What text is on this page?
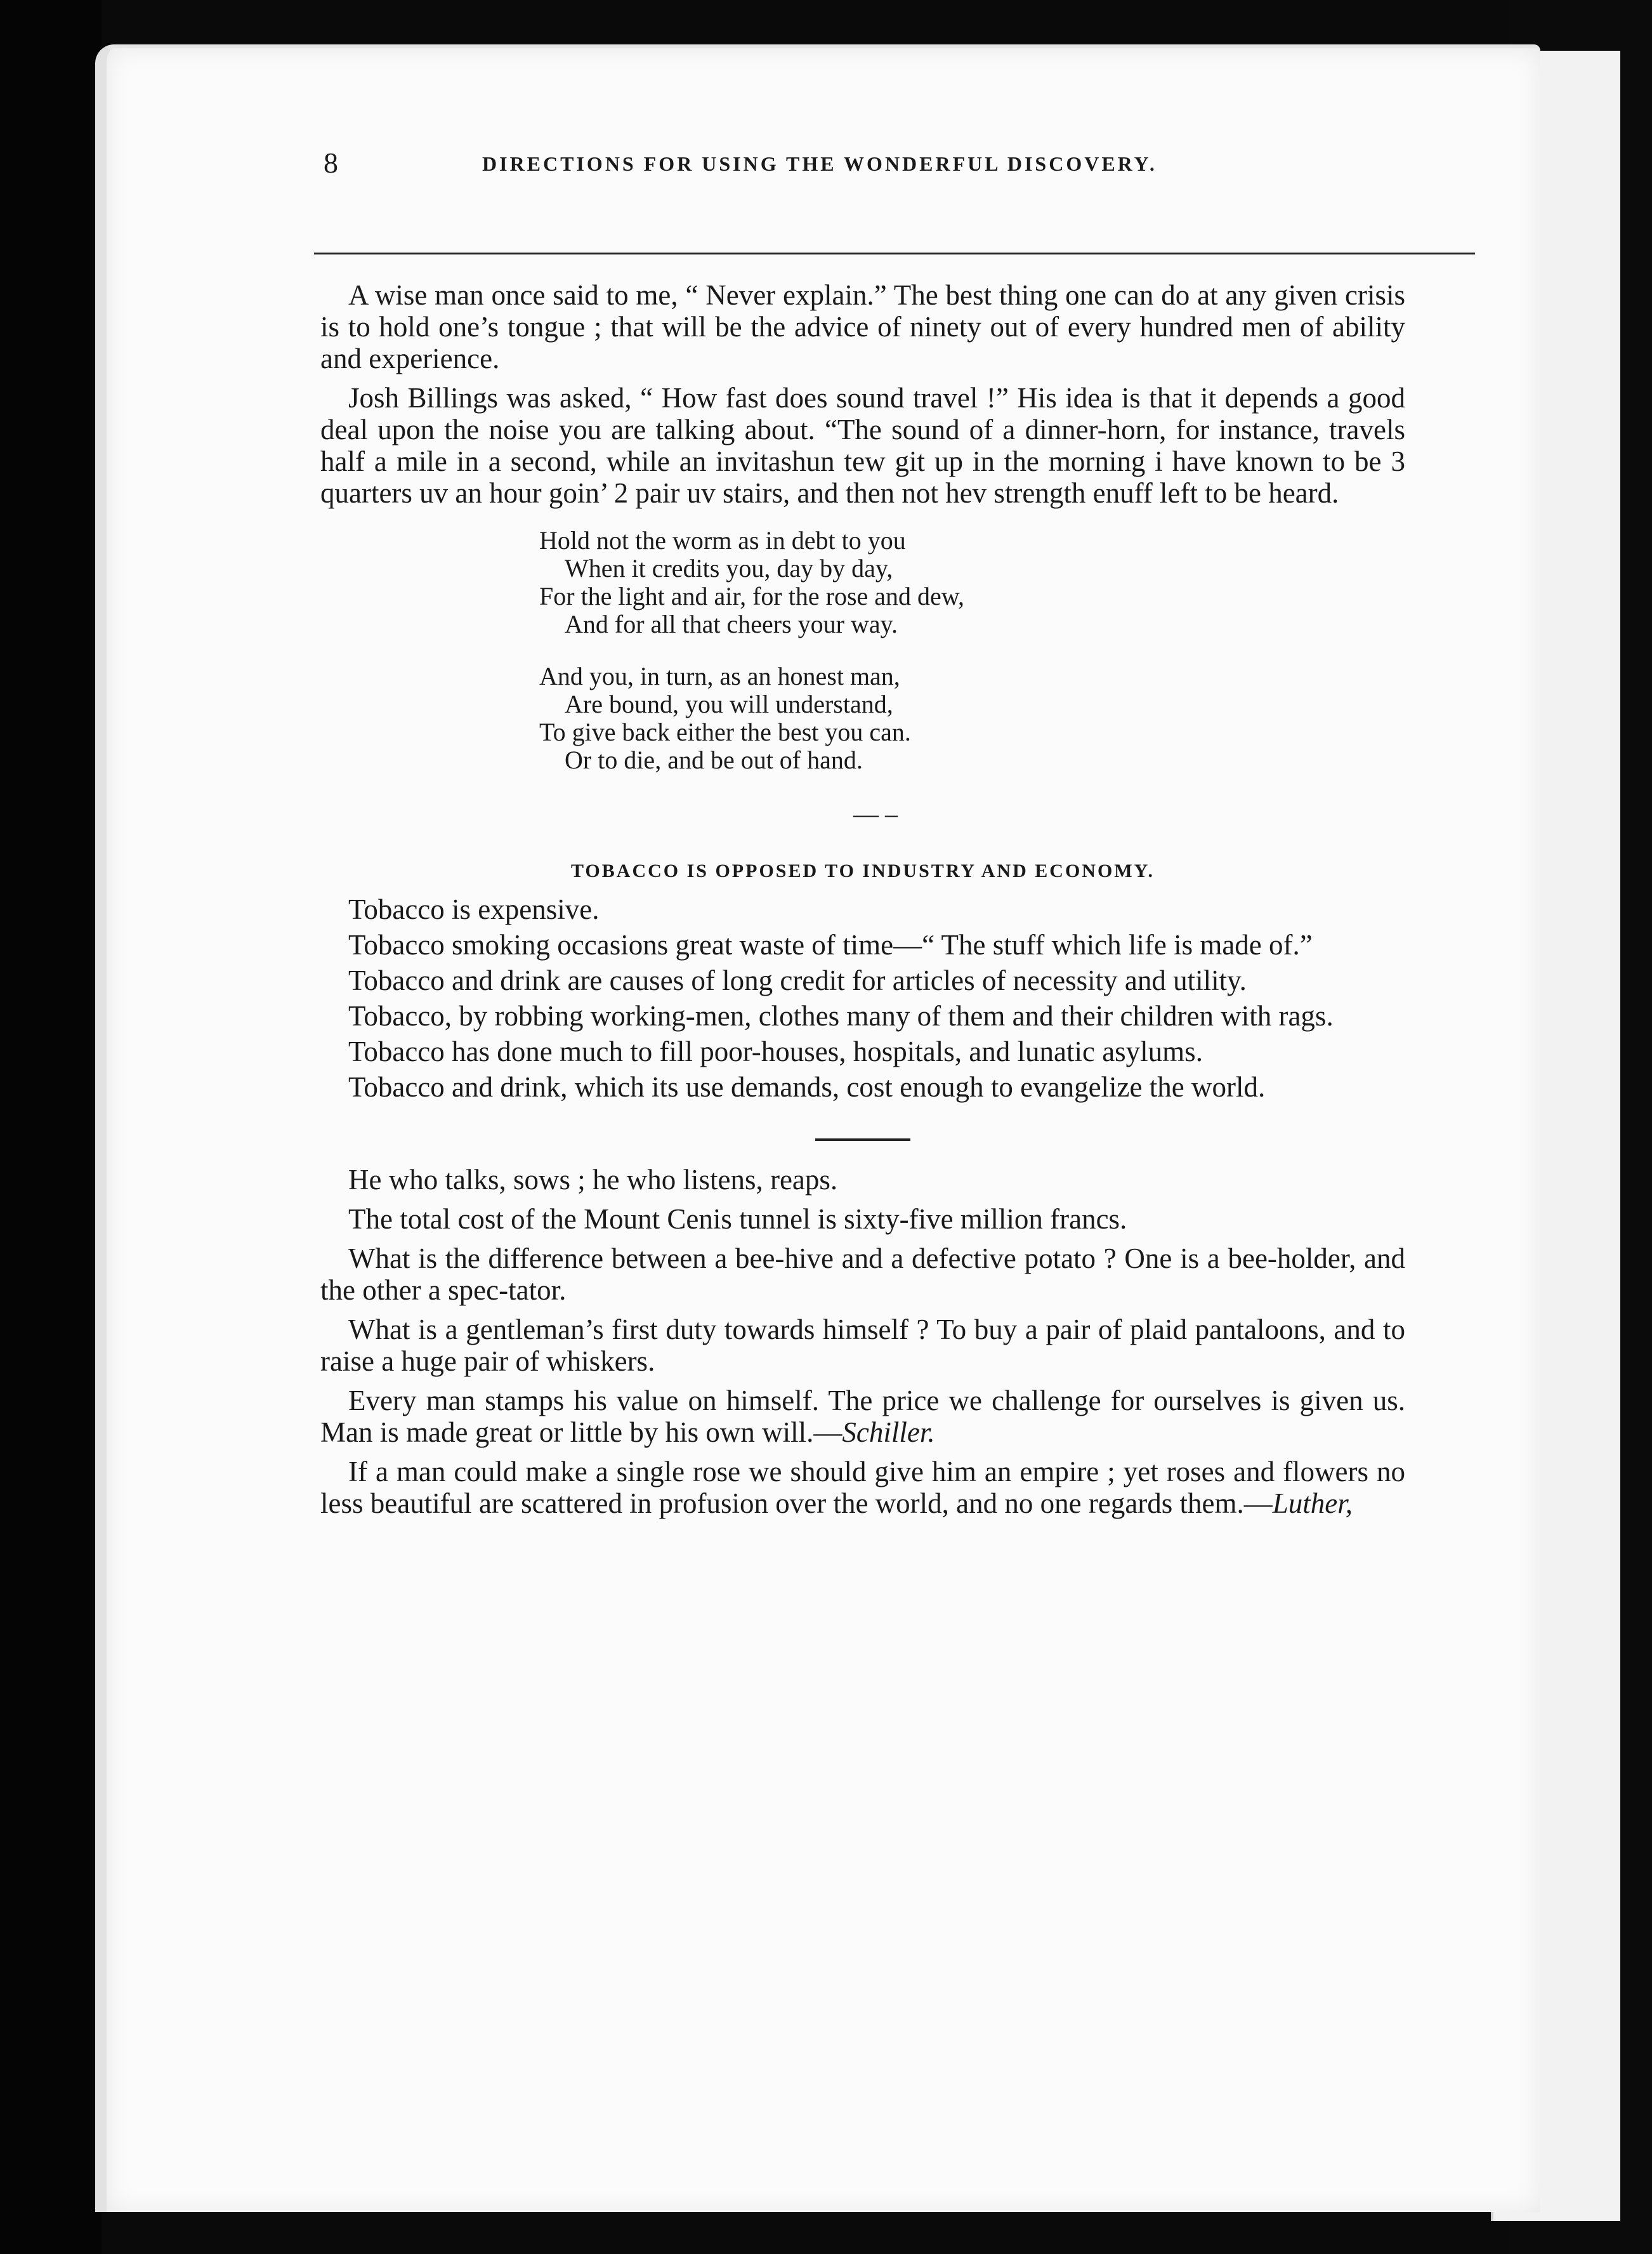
8	DIRECTIONS FOR USING THE WONDERFUL DISCOVERY.

A wise man once said to me, “ Never explain.” The best thing one can do at any given crisis is to hold one’s tongue ; that will be the advice of ninety out of every hundred men of ability and experience.

Josh Billings was asked, “ How fast does sound travel !” His idea is that it depends a good deal upon the noise you are talking about. “The sound of a dinner-horn, for instance, travels half a mile in a second, while an invitashun tew git up in the morning i have known to be 3 quarters uv an hour goin’ 2 pair uv stairs, and then not hev strength enuff left to be heard.

Hold not the worm as in debt to you
When it credits you, day by day,
For the light and air, for the rose and dew,
And for all that cheers your way.
And you, in turn, as an honest man,
Are bound, you will understand,
To give back either the best you can.
Or to die, and be out of hand.
— –
TOBACCO IS OPPOSED TO INDUSTRY AND ECONOMY.

Tobacco is expensive.

Tobacco smoking occasions great waste of time—“ The stuff which life is made of.”

Tobacco and drink are causes of long credit for articles of necessity and utility.

Tobacco, by robbing working-men, clothes many of them and their children with rags.

Tobacco has done much to fill poor-houses, hospitals, and lunatic asylums.

Tobacco and drink, which its use demands, cost enough to evangelize the world.

He who talks, sows ; he who listens, reaps.

The total cost of the Mount Cenis tunnel is sixty-five million francs.

What is the difference between a bee-hive and a defective potato ? One is a bee-holder, and the other a spec-tator.

What is a gentleman’s first duty towards himself ? To buy a pair of plaid pantaloons, and to raise a huge pair of whiskers.

Every man stamps his value on himself. The price we challenge for ourselves is given us. Man is made great or little by his own will.—Schiller.

If a man could make a single rose we should give him an empire ; yet roses and flowers no less beautiful are scattered in profusion over the world, and no one regards them.—Luther,
